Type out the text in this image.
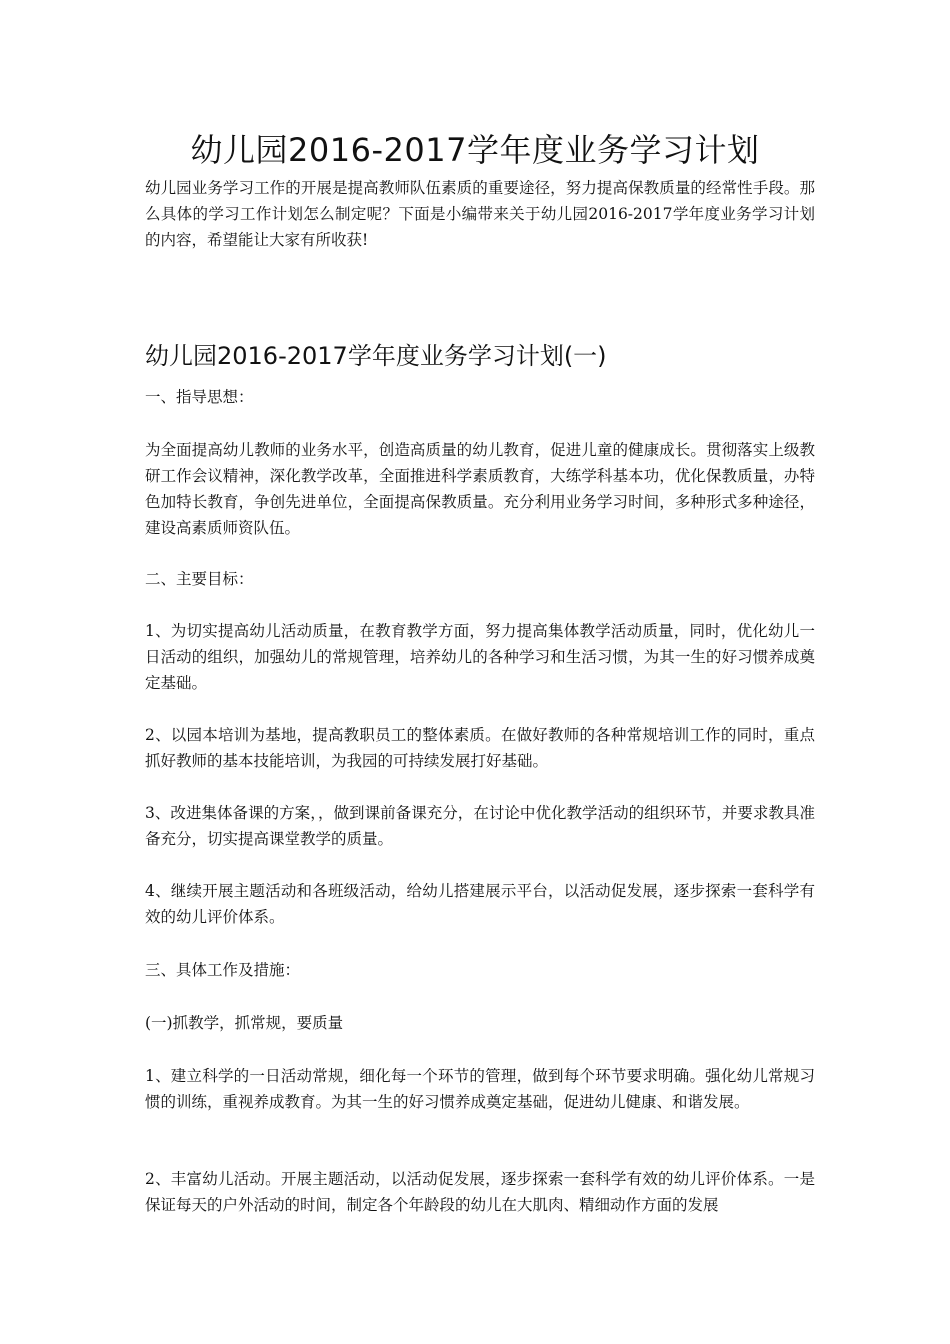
幼儿园2016-2017学年度业务学习计划

幼儿园业务学习工作的开展是提高教师队伍素质的重要途径，努力提高保教质量的经常性手段。那么具体的学习工作计划怎么制定呢？下面是小编带来关于幼儿园2016-2017学年度业务学习计划的内容，希望能让大家有所收获!

幼儿园2016-2017学年度业务学习计划(一)

一、指导思想：

为全面提高幼儿教师的业务水平，创造高质量的幼儿教育，促进儿童的健康成长。贯彻落实上级教研工作会议精神，深化教学改革，全面推进科学素质教育，大练学科基本功，优化保教质量，办特色加特长教育，争创先进单位，全面提高保教质量。充分利用业务学习时间，多种形式多种途径，建设高素质师资队伍。

二、主要目标：

1、为切实提高幼儿活动质量，在教育教学方面，努力提高集体教学活动质量，同时，优化幼儿一日活动的组织，加强幼儿的常规管理，培养幼儿的各种学习和生活习惯，为其一生的好习惯养成奠定基础。

2、以园本培训为基地，提高教职员工的整体素质。在做好教师的各种常规培训工作的同时，重点抓好教师的基本技能培训，为我园的可持续发展打好基础。

3、改进集体备课的方案，，做到课前备课充分，在讨论中优化教学活动的组织环节，并要求教具准备充分，切实提高课堂教学的质量。

4、继续开展主题活动和各班级活动，给幼儿搭建展示平台，以活动促发展，逐步探索一套科学有效的幼儿评价体系。

三、具体工作及措施：

(一)抓教学，抓常规，要质量

1、建立科学的一日活动常规，细化每一个环节的管理，做到每个环节要求明确。强化幼儿常规习惯的训练，重视养成教育。为其一生的好习惯养成奠定基础，促进幼儿健康、和谐发展。

2、丰富幼儿活动。开展主题活动，以活动促发展，逐步探索一套科学有效的幼儿评价体系。一是保证每天的户外活动的时间，制定各个年龄段的幼儿在大肌肉、精细动作方面的发展
